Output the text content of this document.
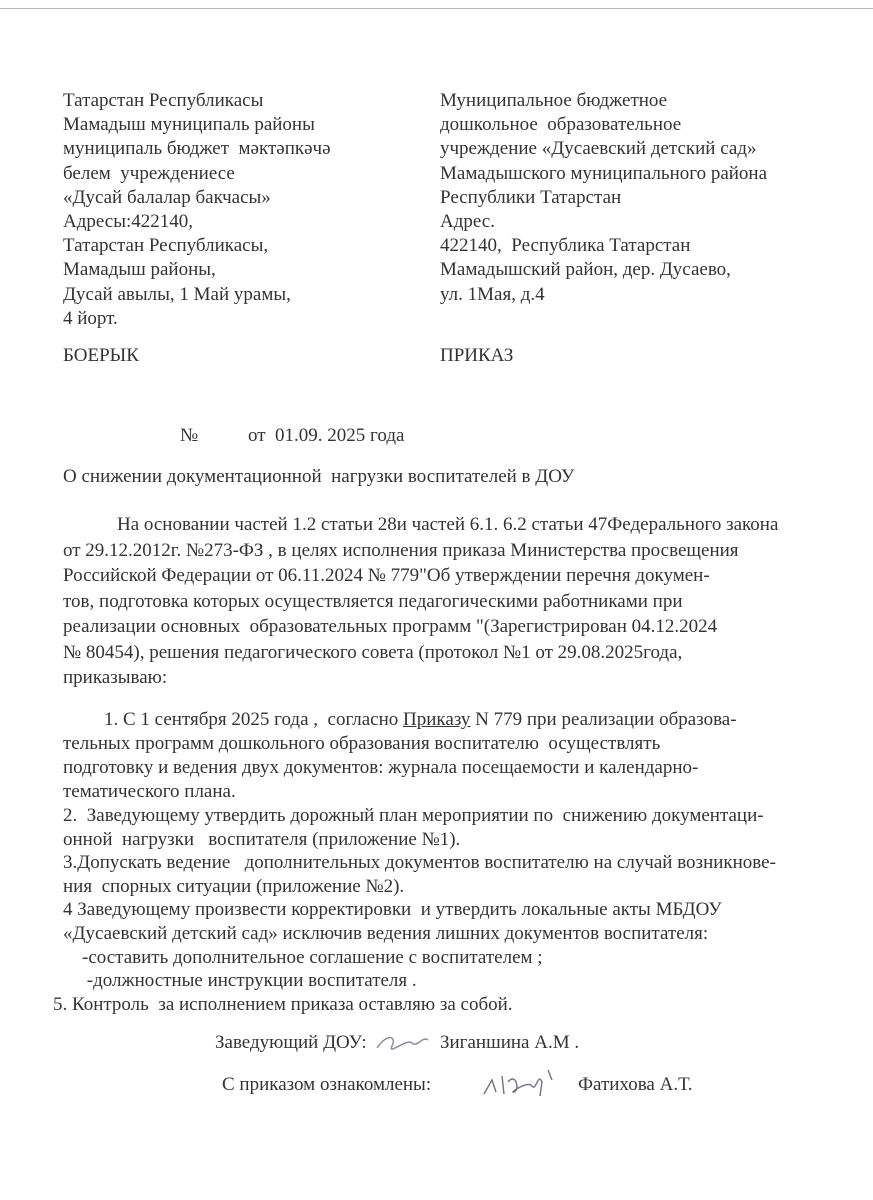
Татарстан Республикасы
Мамадыш муниципаль районы
муниципаль бюджет  мәктәпкәчә
белем  учреждениесе
«Дусай балалар бакчасы»
Адресы:422140,
Татарстан Республикасы,
Мамадыш районы,
Дусай авылы, 1 Май урамы,
4 йорт.
Муниципальное бюджетное
дошкольное  образовательное
учреждение «Дусаевский детский сад»
Мамадышского муниципального района
Республики Татарстан
Адрес.
422140,  Республика Татарстан
Мамадышский район, дер. Дусаево,
ул. 1Мая, д.4
БОЕРЫК	ПРИКАЗ
№	от  01.09. 2025 года
О снижении документационной  нагрузки воспитателей в ДОУ
На основании частей 1.2 статьи 28и частей 6.1. 6.2 статьи 47Федерального закона
от 29.12.2012г. №273-ФЗ , в целях исполнения приказа Министерства просвещения
Российской Федерации от 06.11.2024 № 779"Об утверждении перечня докумен-
тов, подготовка которых осуществляется педагогическими работниками при
реализации основных  образовательных программ "(Зарегистрирован 04.12.2024
№ 80454), решения педагогического совета (протокол №1 от 29.08.2025года,
приказываю:
1. С 1 сентября 2025 года ,  согласно Приказу N 779 при реализации образова-
тельных программ дошкольного образования воспитателю  осуществлять
подготовку и ведения двух документов: журнала посещаемости и календарно-
тематического плана.
2.  Заведующему утвердить дорожный план мероприятии по  снижению документаци-
онной  нагрузки   воспитателя (приложение №1).
3.Допускать ведение   дополнительных документов воспитателю на случай возникнове-
ния  спорных ситуации (приложение №2).
4 Заведующему произвести корректировки  и утвердить локальные акты МБДОУ
«Дусаевский детский сад» исключив ведения лишних документов воспитателя:
-составить дополнительное соглашение с воспитателем ;
-должностные инструкции воспитателя .
5. Контроль  за исполнением приказа оставляю за собой.
Заведующий ДОУ:	Зиганшина А.М .
С приказом ознакомлены:	Фатихова А.Т.
